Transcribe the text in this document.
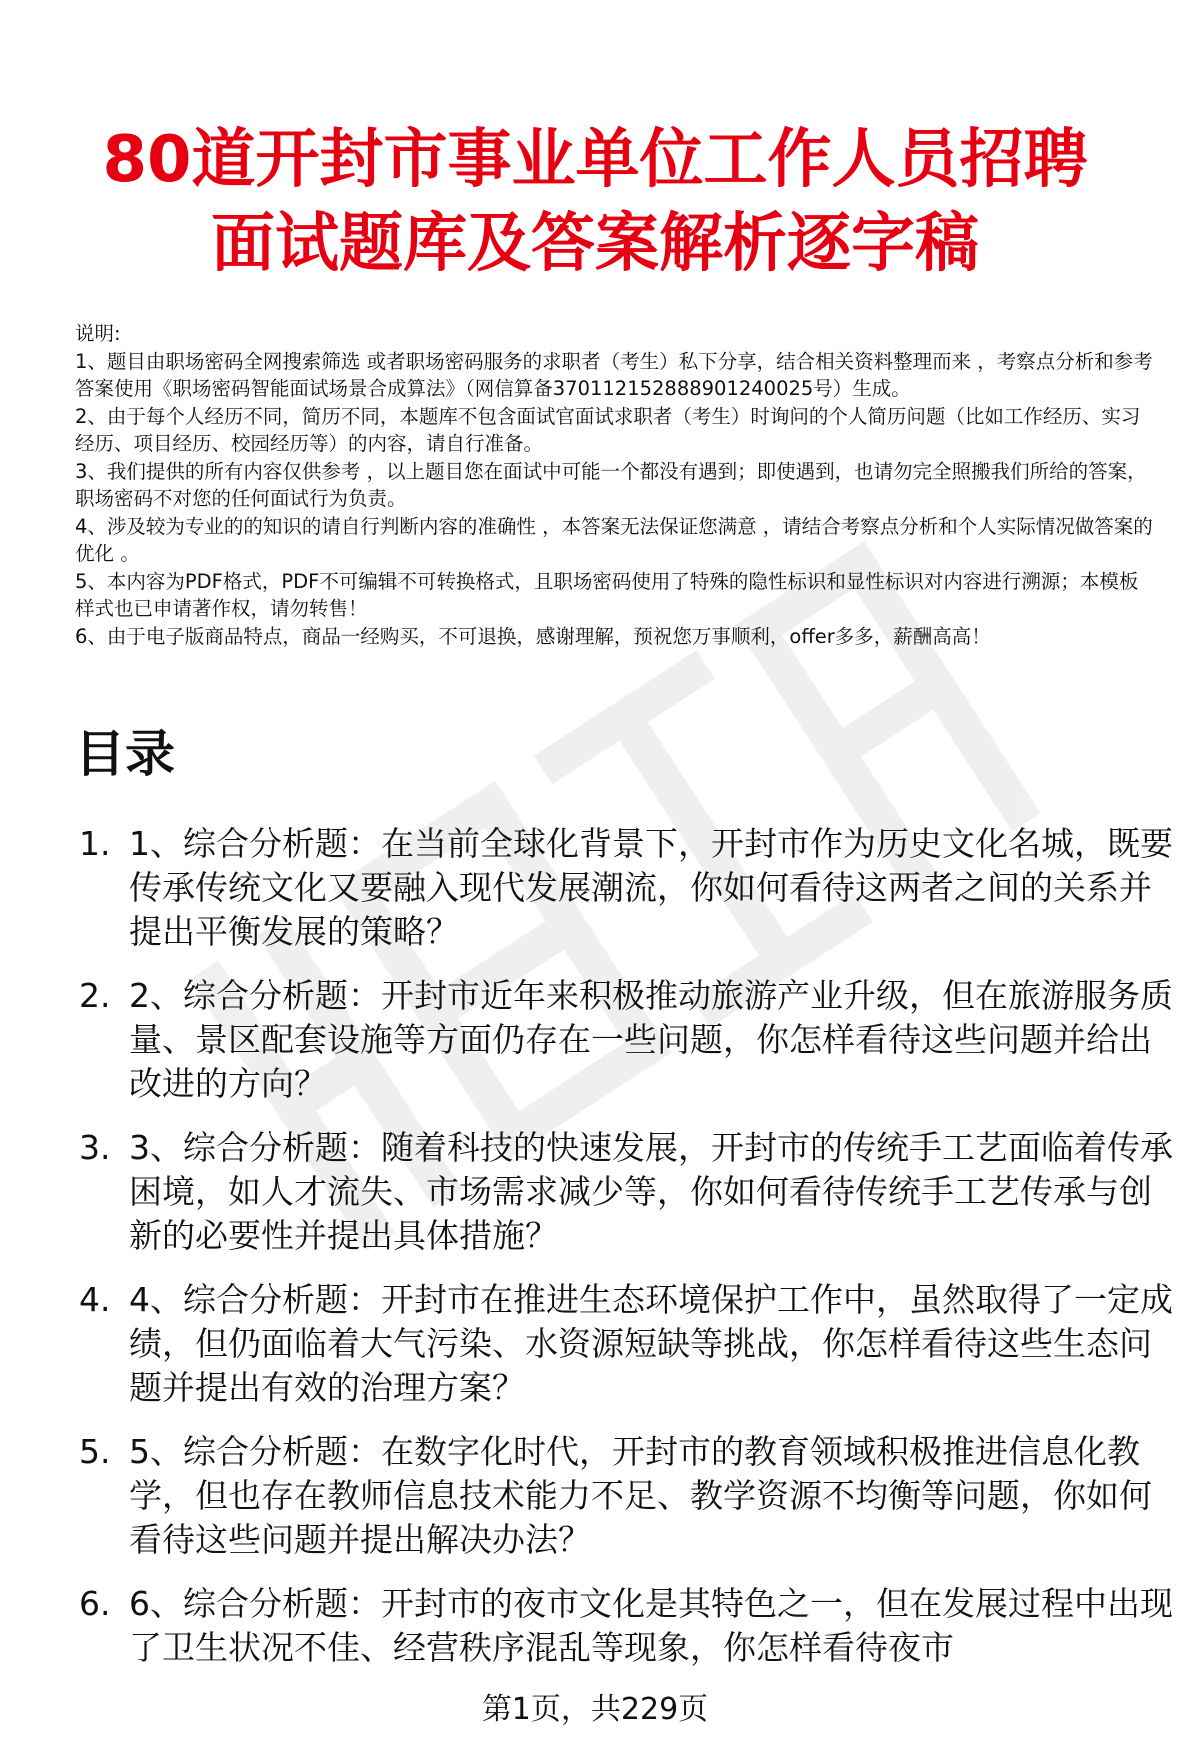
80道开封市事业单位工作人员招聘
面试题库及答案解析逐字稿

说明:

1、题目由职场密码全网搜索筛选 或者职场密码服务的求职者（考生）私下分享，结合相关资料整理而来 ，考察点分析和参考答案使用《职场密码智能面试场景合成算法》（网信算备370112152888901240025号）生成。

2、由于每个人经历不同，简历不同，本题库不包含面试官面试求职者（考生）时询问的个人简历问题（比如工作经历、实习经历、项目经历、校园经历等）的内容，请自行准备。

3、我们提供的所有内容仅供参考 ，以上题目您在面试中可能一个都没有遇到；即使遇到，也请勿完全照搬我们所给的答案，职场密码不对您的任何面试行为负责。

4、涉及较为专业的的知识的请自行判断内容的准确性 ，本答案无法保证您满意 ，请结合考察点分析和个人实际情况做答案的优化 。

5、本内容为PDF格式，PDF不可编辑不可转换格式，且职场密码使用了特殊的隐性标识和显性标识对内容进行溯源；本模板样式也已申请著作权，请勿转售！

6、由于电子版商品特点，商品一经购买，不可退换，感谢理解，预祝您万事顺利，offer多多，薪酬高高！

目录
1. 1、综合分析题：在当前全球化背景下，开封市作为历史文化名城，既要传承传统文化又要融入现代发展潮流，你如何看待这两者之间的关系并提出平衡发展的策略？
2. 2、综合分析题：开封市近年来积极推动旅游产业升级，但在旅游服务质量、景区配套设施等方面仍存在一些问题，你怎样看待这些问题并给出改进的方向？
3. 3、综合分析题：随着科技的快速发展，开封市的传统手工艺面临着传承困境，如人才流失、市场需求减少等，你如何看待传统手工艺传承与创新的必要性并提出具体措施？
4. 4、综合分析题：开封市在推进生态环境保护工作中，虽然取得了一定成绩，但仍面临着大气污染、水资源短缺等挑战，你怎样看待这些生态问题并提出有效的治理方案？
5. 5、综合分析题：在数字化时代，开封市的教育领域积极推进信息化教学，但也存在教师信息技术能力不足、教学资源不均衡等问题，你如何看待这些问题并提出解决办法？
6. 6、综合分析题：开封市的夜市文化是其特色之一，但在发展过程中出现了卫生状况不佳、经营秩序混乱等现象，你怎样看待夜市
第1页，共229页
